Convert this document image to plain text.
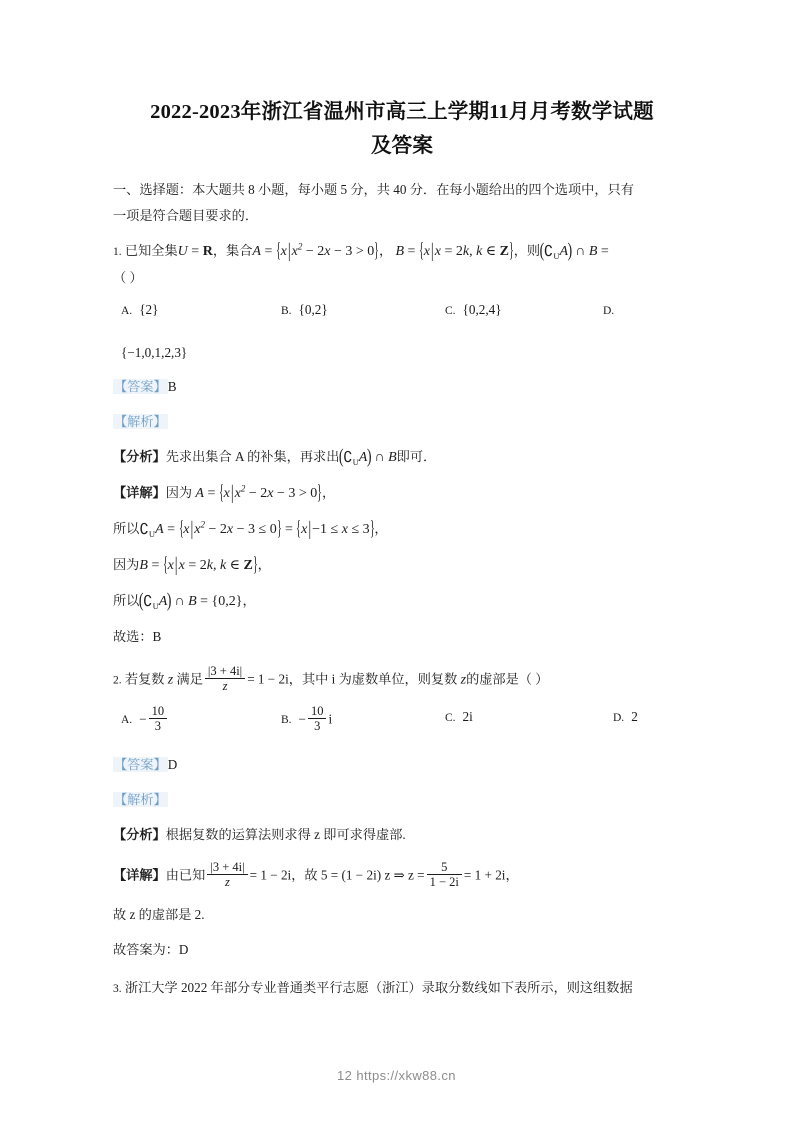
2022-2023年浙江省温州市高三上学期11月月考数学试题
及答案

一、选择题：本大题共 8 小题，每小题 5 分，共 40 分．在每小题给出的四个选项中，只有

一项是符合题目要求的．

1. 已知全集U = R，集合$A = \{x|x^2 - 2x - 3 > 0\}$， B = {x|x = 2k, k ∈ Z}，则$(∁_UA)$ ∩ B =

（ ）

A. {2}	B. {0,2}	C. {0,2,4}	D.

{−1,0,1,2,3}

【答案】B

【解析】

【分析】先求出集合 A 的补集，再求出$(∁_UA)$ ∩ B即可．

【详解】因为 $A = \{x|x^2 - 2x - 3 > 0\}$，

所以$∁_UA = \{x|x^2 - 2x - 3 \le 0\} = \{x|-1 \le x \le 3\}$，

因为B = {x|x = 2k, k ∈ Z}，

所以$(∁_UA)$ ∩ B = {0,2}，

故选：B

2. 若复数 z 满足 $\frac{|3 + 4i|}{z} = 1 - 2i$，其中 i 为虚数单位，则复数 z的虚部是（ ）

A. − $\frac{10}{3}$	B. − $\frac{10}{3}$ i	C. 2i	D. 2

【答案】D

【解析】

【分析】根据复数的运算法则求得 z 即可求得虚部.

【详解】由已知 $\frac{|3 + 4i|}{z} = 1 - 2i$，故 5 = (1 − 2i) z ⇒ $z = \frac{5}{1 - 2i} = 1 + 2i$，

故 z 的虚部是 2.

故答案为：D

3. 浙江大学 2022 年部分专业普通类平行志愿（浙江）录取分数线如下表所示，则这组数据

12 https://xkw88.cn
